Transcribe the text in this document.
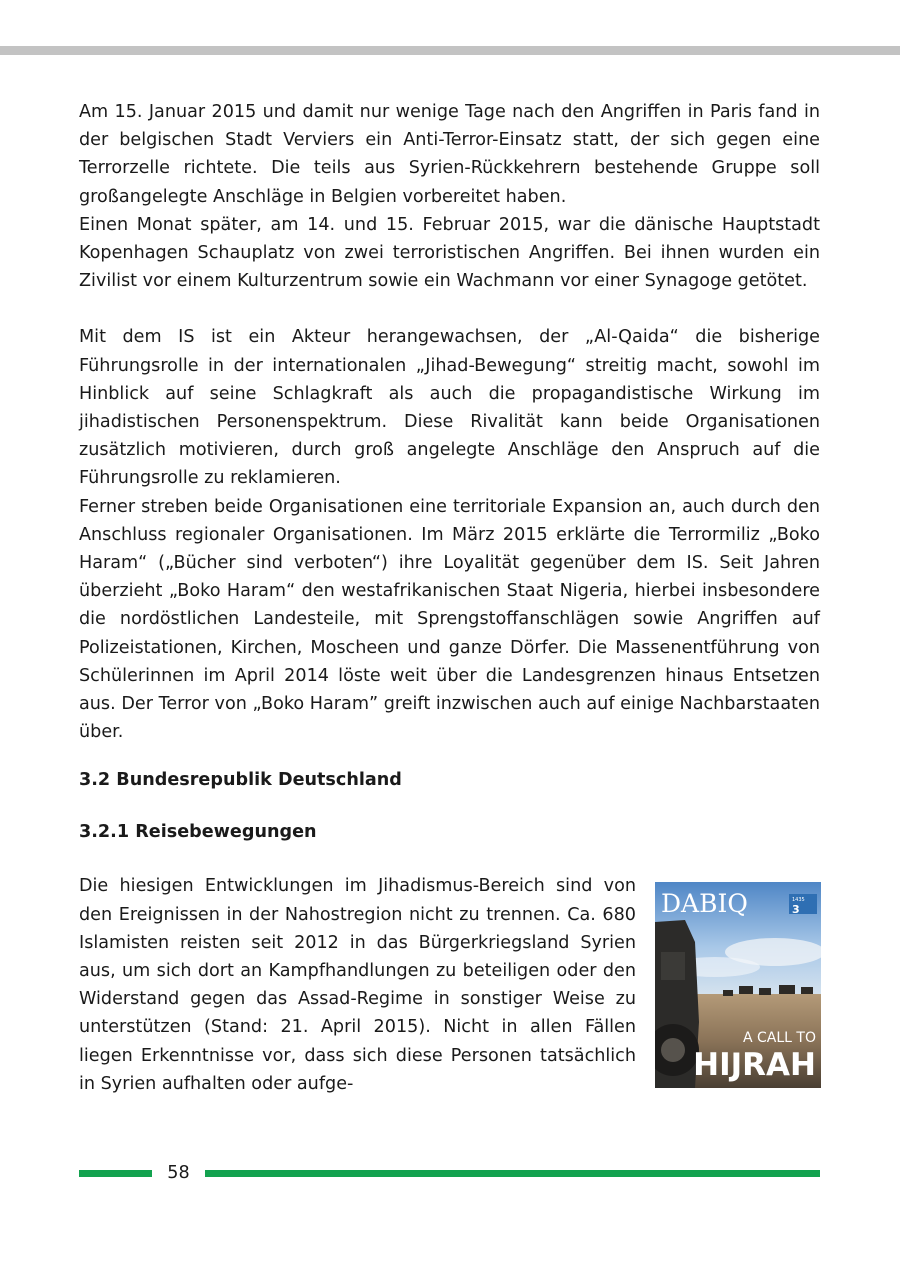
Am 15. Januar 2015 und damit nur wenige Tage nach den Angriffen in Paris fand in der belgischen Stadt Verviers ein Anti-Terror-Einsatz statt, der sich gegen eine Terrorzelle richtete. Die teils aus Syrien-Rückkehrern bestehende Gruppe soll großangelegte Anschläge in Belgien vorbereitet haben.

Einen Monat später, am 14. und 15. Februar 2015, war die dänische Hauptstadt Kopenhagen Schauplatz von zwei terroristischen Angriffen. Bei ihnen wurden ein Zivilist vor einem Kulturzentrum sowie ein Wachmann vor einer Synagoge getötet.

Mit dem IS ist ein Akteur herangewachsen, der „Al-Qaida“ die bisherige Führungsrolle in der internationalen „Jihad-Bewegung“ streitig macht, sowohl im Hinblick auf seine Schlagkraft als auch die propagandistische Wirkung im jihadistischen Personenspektrum. Diese Rivalität kann beide Organisationen zusätzlich motivieren, durch groß angelegte Anschläge den Anspruch auf die Führungsrolle zu reklamieren.

Ferner streben beide Organisationen eine territoriale Expansion an, auch durch den Anschluss regionaler Organisationen. Im März 2015 erklärte die Terrormiliz „Boko Haram“ („Bücher sind verboten“) ihre Loyalität gegenüber dem IS. Seit Jahren überzieht „Boko Haram“ den westafrikanischen Staat Nigeria, hierbei insbesondere die nordöstlichen Landesteile, mit Sprengstoffanschlägen sowie Angriffen auf Polizeistationen, Kirchen, Moscheen und ganze Dörfer. Die Massenentführung von Schülerinnen im April 2014 löste weit über die Landesgrenzen hinaus Entsetzen aus. Der Terror von „Boko Haram” greift inzwischen auch auf einige Nachbarstaaten über.

3.2 Bundesrepublik Deutschland
3.2.1 Reisebewegungen

Die hiesigen Entwicklungen im Jihadismus-Bereich sind von den Ereignissen in der Nahostregion nicht zu trennen. Ca. 680 Islamisten reisten seit 2012 in das Bürgerkriegsland Syrien aus, um sich dort an Kampfhandlungen zu beteiligen oder den Widerstand gegen das Assad-Regime in sonstiger Weise zu unterstützen (Stand: 21. April 2015). Nicht in allen Fällen liegen Erkenntnisse vor, dass sich diese Personen tatsächlich in Syrien aufhalten oder aufge-

DABIQ	1435
3
A CALL TO
HIJRAH
58
